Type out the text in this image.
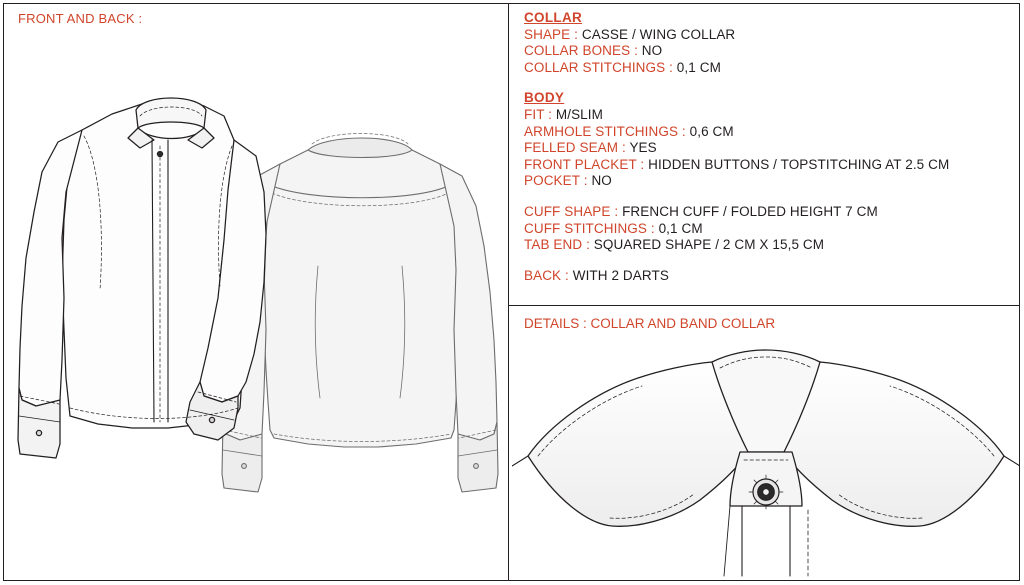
FRONT AND BACK :	COLLAR
SHAPE : CASSE / WING COLLAR
COLLAR BONES : NO
COLLAR STITCHINGS : 0,1 CM
BODY
FIT : M/SLIM
ARMHOLE STITCHINGS : 0,6 CM
FELLED SEAM : YES
FRONT PLACKET : HIDDEN BUTTONS / TOPSTITCHING AT 2.5 CM
POCKET : NO
CUFF SHAPE : FRENCH CUFF / FOLDED HEIGHT 7 CM
CUFF STITCHINGS : 0,1 CM
TAB END : SQUARED SHAPE / 2 CM X 15,5 CM
BACK : WITH 2 DARTS
DETAILS : COLLAR AND BAND COLLAR
